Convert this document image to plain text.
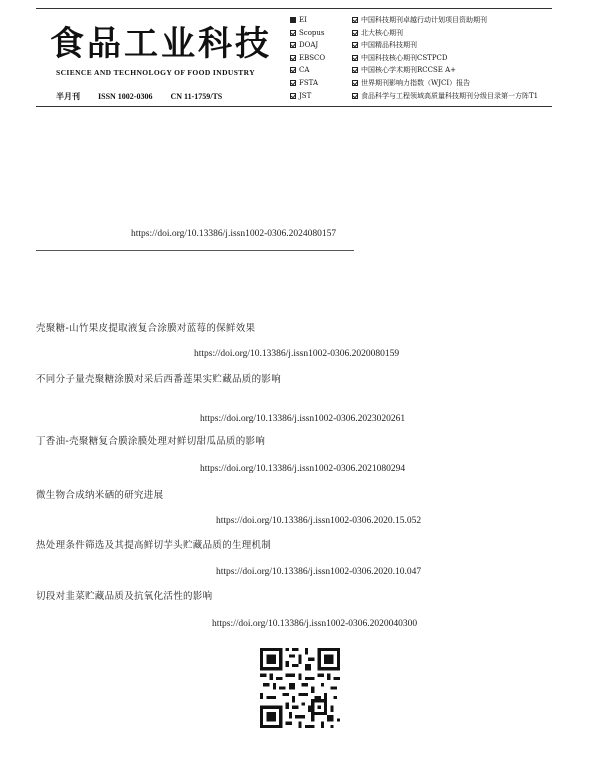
食品工业科技
SCIENCE AND TECHNOLOGY OF FOOD INDUSTRY
半月刊 ISSN 1002-0306 CN 11-1759/TS
EI
Scopus
DOAJ
EBSCO
CA
FSTA
JST
中国科技期刊卓越行动计划项目资助期刊
北大核心期刊
中国精品科技期刊
中国科技核心期刊CSTPCD
中国核心学术期刊RCCSE A+
世界期刊影响力指数（WJCI）报告
食品科学与工程领域高质量科技期刊分级目录第一方阵T1
https://doi.org/10.13386/j.issn1002-0306.2024080157
壳聚糖-山竹果皮提取液复合涂膜对蓝莓的保鲜效果
https://doi.org/10.13386/j.issn1002-0306.2020080159
不同分子量壳聚糖涂膜对采后西番莲果实贮藏品质的影响
https://doi.org/10.13386/j.issn1002-0306.2023020261
丁香油-壳聚糖复合膜涂膜处理对鲜切甜瓜品质的影响
https://doi.org/10.13386/j.issn1002-0306.2021080294
微生物合成纳米硒的研究进展
https://doi.org/10.13386/j.issn1002-0306.2020.15.052
热处理条件筛选及其提高鲜切芋头贮藏品质的生理机制
https://doi.org/10.13386/j.issn1002-0306.2020.10.047
切段对韭菜贮藏品质及抗氧化活性的影响
https://doi.org/10.13386/j.issn1002-0306.2020040300
